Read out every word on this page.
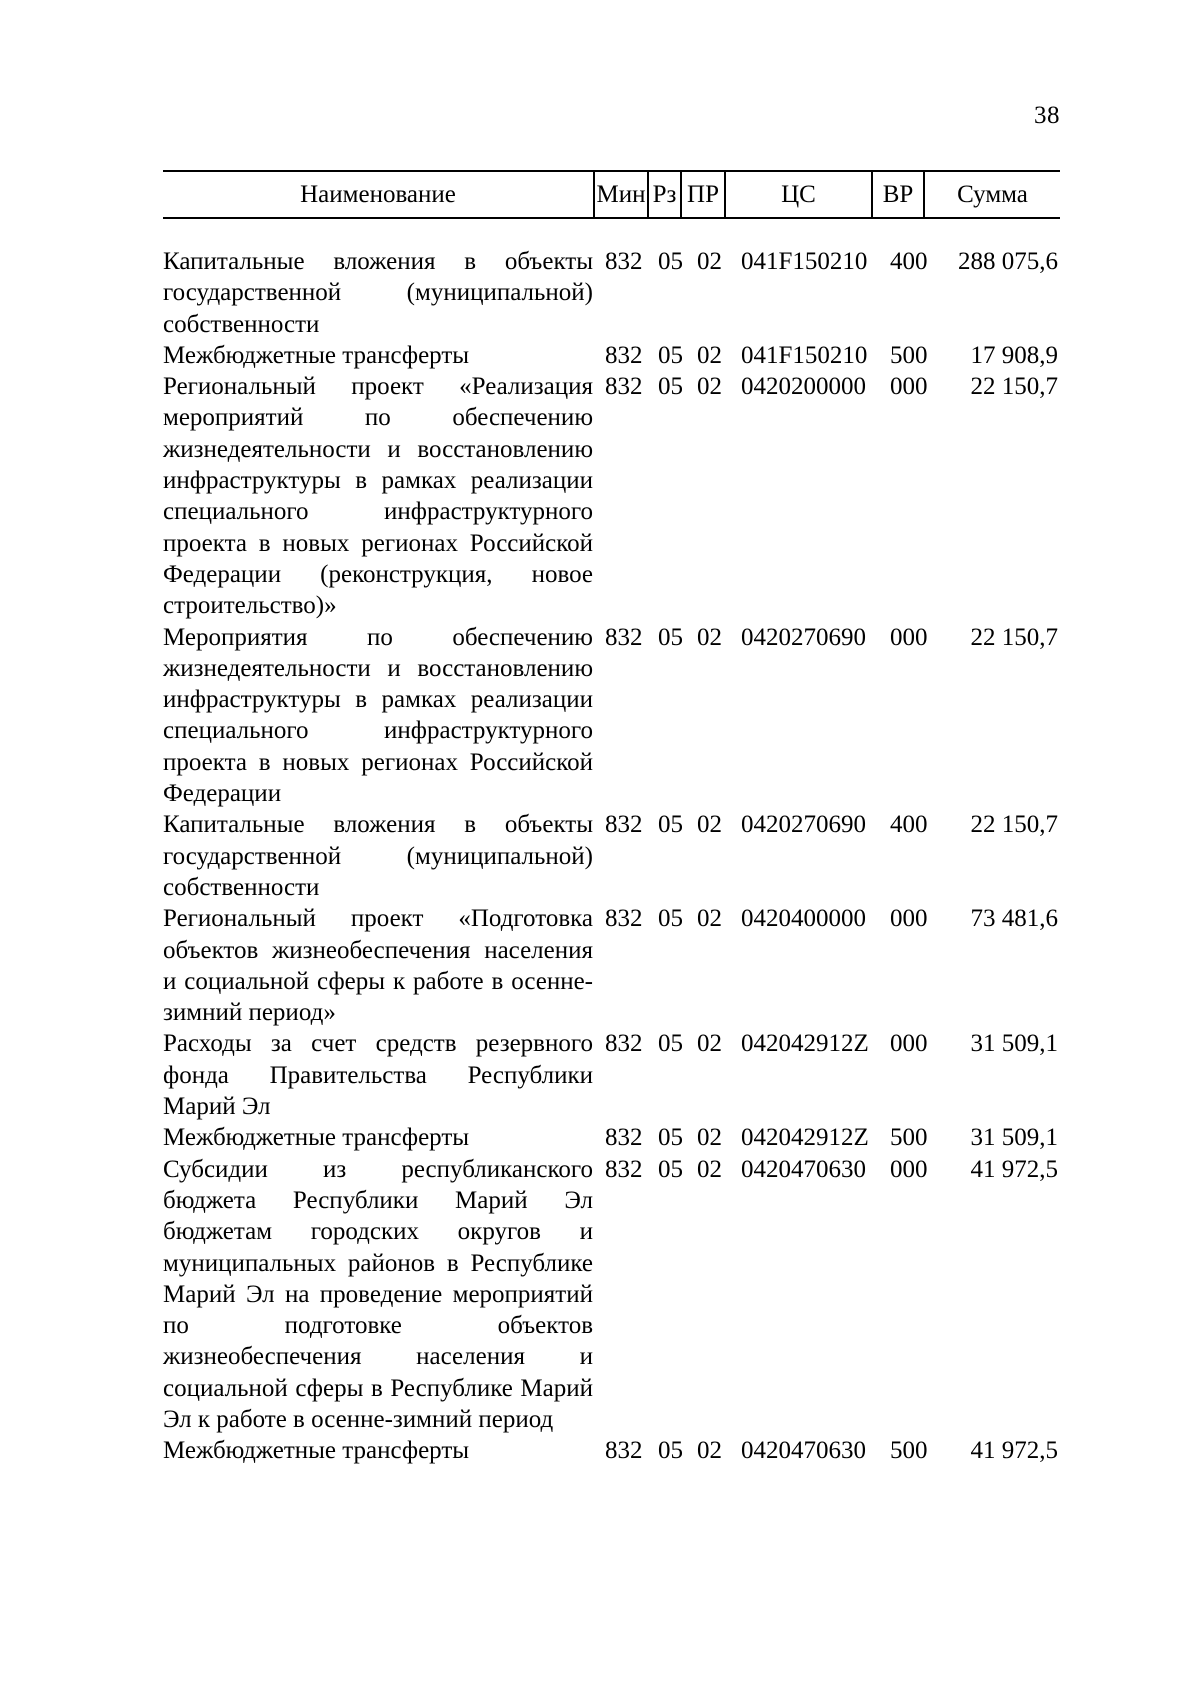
38
Наименование	Мин Рз ПР	ЦС	ВР	Сумма
Капитальные вложения в объекты государственной (муниципальной) собственности
832 05 02 041F150210 400	288 075,6
Межбюджетные трансферты	832 05 02 041F150210 500	17 908,9
Региональный проект «Реализация мероприятий по обеспечению жизнедеятельности и восстановлению инфраструктуры в рамках реализации специального инфраструктурного проекта в новых регионах Российской Федерации (реконструкция, новое строительство)»
832 05 02 0420200000 000	22 150,7
Мероприятия по обеспечению жизнедеятельности и восстановлению инфраструктуры в рамках реализации специального инфраструктурного проекта в новых регионах Российской Федерации
832 05 02 0420270690 000	22 150,7
Капитальные вложения в объекты государственной (муниципальной) собственности
832 05 02 0420270690 400	22 150,7
Региональный проект «Подготовка объектов жизнеобеспечения населения и социальной сферы к работе в осенне-зимний период»
832 05 02 0420400000 000	73 481,6
Расходы за счет средств резервного фонда Правительства Республики Марий Эл
832 05 02 042042912Z 000	31 509,1
Межбюджетные трансферты	832 05 02 042042912Z 500	31 509,1
Субсидии из республиканского бюджета Республики Марий Эл бюджетам городских округов и муниципальных районов в Республике Марий Эл на проведение мероприятий по подготовке объектов жизнеобеспечения населения и социальной сферы в Республике Марий Эл к работе в осенне-зимний период
832 05 02 0420470630 000	41 972,5
Межбюджетные трансферты	832 05 02 0420470630 500	41 972,5
